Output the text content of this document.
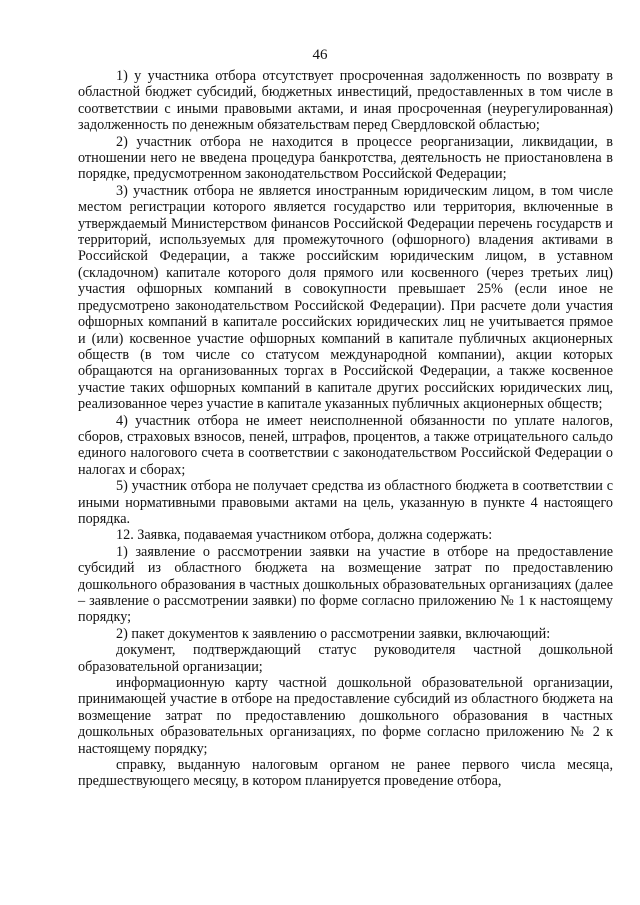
46

1) у участника отбора отсутствует просроченная задолженность по возврату в областной бюджет субсидий, бюджетных инвестиций, предоставленных в том числе в соответствии с иными правовыми актами, и иная просроченная (неурегулированная) задолженность по денежным обязательствам перед Свердловской областью;

2) участник отбора не находится в процессе реорганизации, ликвидации, в отношении него не введена процедура банкротства, деятельность не приостановлена в порядке, предусмотренном законодательством Российской Федерации;

3) участник отбора не является иностранным юридическим лицом, в том числе местом регистрации которого является государство или территория, включенные в утверждаемый Министерством финансов Российской Федерации перечень государств и территорий, используемых для промежуточного (офшорного) владения активами в Российской Федерации, а также российским юридическим лицом, в уставном (складочном) капитале которого доля прямого или косвенного (через третьих лиц) участия офшорных компаний в совокупности превышает 25% (если иное не предусмотрено законодательством Российской Федерации). При расчете доли участия офшорных компаний в капитале российских юридических лиц не учитывается прямое и (или) косвенное участие офшорных компаний в капитале публичных акционерных обществ (в том числе со статусом международной компании), акции которых обращаются на организованных торгах в Российской Федерации, а также косвенное участие таких офшорных компаний в капитале других российских юридических лиц, реализованное через участие в капитале указанных публичных акционерных обществ;

4) участник отбора не имеет неисполненной обязанности по уплате налогов, сборов, страховых взносов, пеней, штрафов, процентов, а также отрицательного сальдо единого налогового счета в соответствии с законодательством Российской Федерации о налогах и сборах;

5) участник отбора не получает средства из областного бюджета в соответствии с иными нормативными правовыми актами на цель, указанную в пункте 4 настоящего порядка.

12. Заявка, подаваемая участником отбора, должна содержать:

1) заявление о рассмотрении заявки на участие в отборе на предоставление субсидий из областного бюджета на возмещение затрат по предоставлению дошкольного образования в частных дошкольных образовательных организациях (далее – заявление о рассмотрении заявки) по форме согласно приложению № 1 к настоящему порядку;

2) пакет документов к заявлению о рассмотрении заявки, включающий:

документ, подтверждающий статус руководителя частной дошкольной образовательной организации;

информационную карту частной дошкольной образовательной организации, принимающей участие в отборе на предоставление субсидий из областного бюджета на возмещение затрат по предоставлению дошкольного образования в частных дошкольных образовательных организациях, по форме согласно приложению № 2 к настоящему порядку;

справку, выданную налоговым органом не ранее первого числа месяца, предшествующего месяцу, в котором планируется проведение отбора,
